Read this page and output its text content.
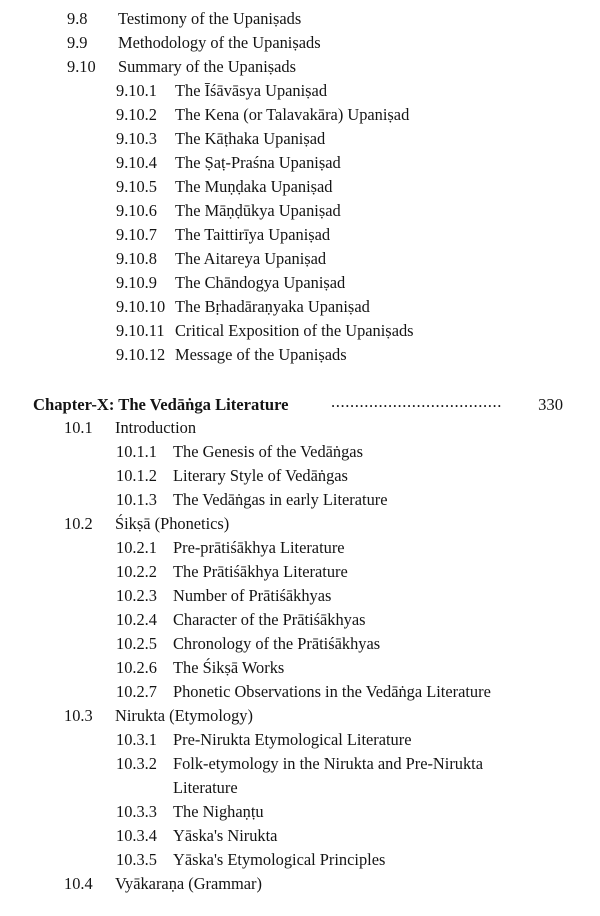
9.8 Testimony of the Upaniṣads
9.9 Methodology of the Upaniṣads
9.10 Summary of the Upaniṣads
9.10.1 The Īśāvāsya Upaniṣad
9.10.2 The Kena (or Talavakāra) Upaniṣad
9.10.3 The Kāṭhaka Upaniṣad
9.10.4 The Ṣaṭ-Praśna Upaniṣad
9.10.5 The Muṇḍaka Upaniṣad
9.10.6 The Māṇḍūkya Upaniṣad
9.10.7 The Taittirīya Upaniṣad
9.10.8 The Aitareya Upaniṣad
9.10.9 The Chāndogya Upaniṣad
9.10.10 The Bṛhadāraṇyaka Upaniṣad
9.10.11 Critical Exposition of the Upaniṣads
9.10.12 Message of the Upaniṣads
Chapter-X: The Vedāṅga Literature	....................................	330
10.1 Introduction
10.1.1 The Genesis of the Vedāṅgas
10.1.2 Literary Style of Vedāṅgas
10.1.3 The Vedāṅgas in early Literature
10.2 Śikṣā (Phonetics)
10.2.1 Pre-prātiśākhya Literature
10.2.2 The Prātiśākhya Literature
10.2.3 Number of Prātiśākhyas
10.2.4 Character of the Prātiśākhyas
10.2.5 Chronology of the Prātiśākhyas
10.2.6 The Śikṣā Works
10.2.7 Phonetic Observations in the Vedāṅga Literature
10.3 Nirukta (Etymology)
10.3.1 Pre-Nirukta Etymological Literature
10.3.2 Folk-etymology in the Nirukta and Pre-Nirukta
Literature
10.3.3 The Nighaṇṭu
10.3.4 Yāska's Nirukta
10.3.5 Yāska's Etymological Principles
10.4 Vyākaraṇa (Grammar)
